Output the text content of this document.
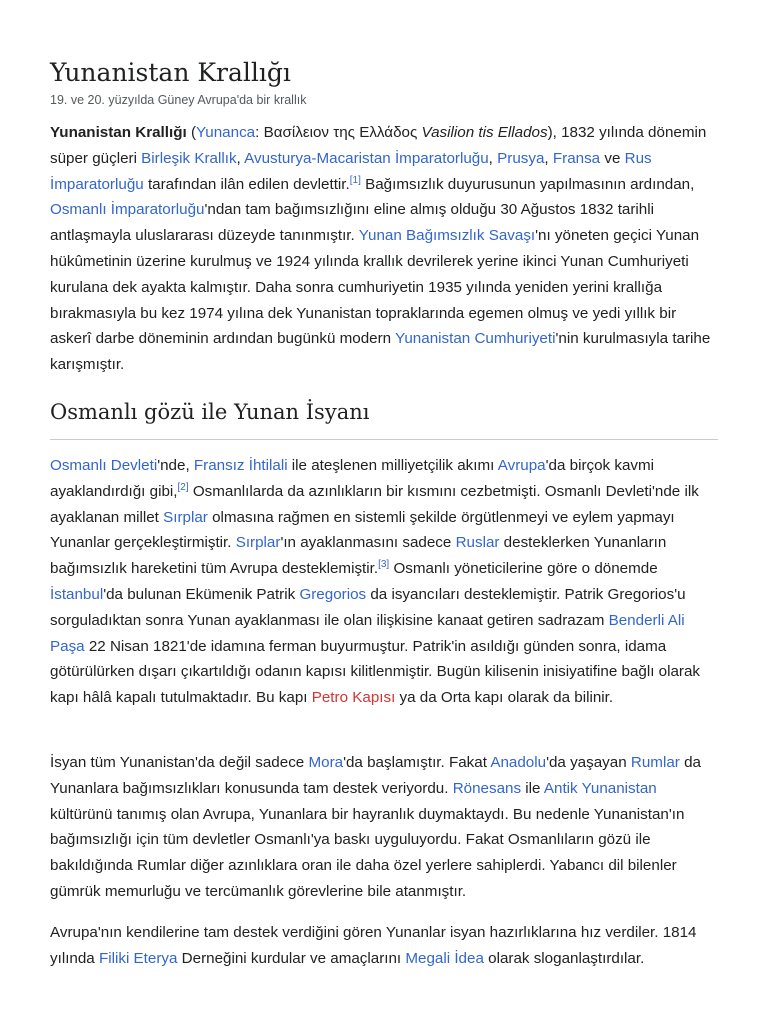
Yunanistan Krallığı
19. ve 20. yüzyılda Güney Avrupa'da bir krallık

Yunanistan Krallığı (Yunanca: Βασίλειον της Ελλάδος Vasilion tis Ellados), 1832 yılında dönemin süper güçleri Birleşik Krallık, Avusturya-Macaristan İmparatorluğu, Prusya, Fransa ve Rus İmparatorluğu tarafından ilân edilen devlettir.[1] Bağımsızlık duyurusunun yapılmasının ardından, Osmanlı İmparatorluğu'ndan tam bağımsızlığını eline almış olduğu 30 Ağustos 1832 tarihli antlaşmayla uluslararası düzeyde tanınmıştır. Yunan Bağımsızlık Savaşı'nı yöneten geçici Yunan hükûmetinin üzerine kurulmuş ve 1924 yılında krallık devrilerek yerine ikinci Yunan Cumhuriyeti kurulana dek ayakta kalmıştır. Daha sonra cumhuriyetin 1935 yılında yeniden yerini krallığa bırakmasıyla bu kez 1974 yılına dek Yunanistan topraklarında egemen olmuş ve yedi yıllık bir askerî darbe döneminin ardından bugünkü modern Yunanistan Cumhuriyeti'nin kurulmasıyla tarihe karışmıştır.

Osmanlı gözü ile Yunan İsyanı

Osmanlı Devleti'nde, Fransız İhtilali ile ateşlenen milliyetçilik akımı Avrupa'da birçok kavmi ayaklandırdığı gibi,[2] Osmanlılarda da azınlıkların bir kısmını cezbetmişti. Osmanlı Devleti'nde ilk ayaklanan millet Sırplar olmasına rağmen en sistemli şekilde örgütlenmeyi ve eylem yapmayı Yunanlar gerçekleştirmiştir. Sırplar'ın ayaklanmasını sadece Ruslar desteklerken Yunanların bağımsızlık hareketini tüm Avrupa desteklemiştir.[3] Osmanlı yöneticilerine göre o dönemde İstanbul'da bulunan Ekümenik Patrik Gregorios da isyancıları desteklemiştir. Patrik Gregorios'u sorguladıktan sonra Yunan ayaklanması ile olan ilişkisine kanaat getiren sadrazam Benderli Ali Paşa 22 Nisan 1821'de idamına ferman buyurmuştur. Patrik'in asıldığı günden sonra, idama götürülürken dışarı çıkartıldığı odanın kapısı kilitlenmiştir. Bugün kilisenin inisiyatifine bağlı olarak kapı hâlâ kapalı tutulmaktadır. Bu kapı Petro Kapısı ya da Orta kapı olarak da bilinir.

İsyan tüm Yunanistan'da değil sadece Mora'da başlamıştır. Fakat Anadolu'da yaşayan Rumlar da Yunanlara bağımsızlıkları konusunda tam destek veriyordu. Rönesans ile Antik Yunanistan kültürünü tanımış olan Avrupa, Yunanlara bir hayranlık duymaktaydı. Bu nedenle Yunanistan'ın bağımsızlığı için tüm devletler Osmanlı'ya baskı uyguluyordu. Fakat Osmanlıların gözü ile bakıldığında Rumlar diğer azınlıklara oran ile daha özel yerlere sahiplerdi. Yabancı dil bilenler gümrük memurluğu ve tercümanlık görevlerine bile atanmıştır.

Avrupa'nın kendilerine tam destek verdiğini gören Yunanlar isyan hazırlıklarına hız verdiler. 1814 yılında Filiki Eterya Derneğini kurdular ve amaçlarını Megali İdea olarak sloganlaştırdılar.
